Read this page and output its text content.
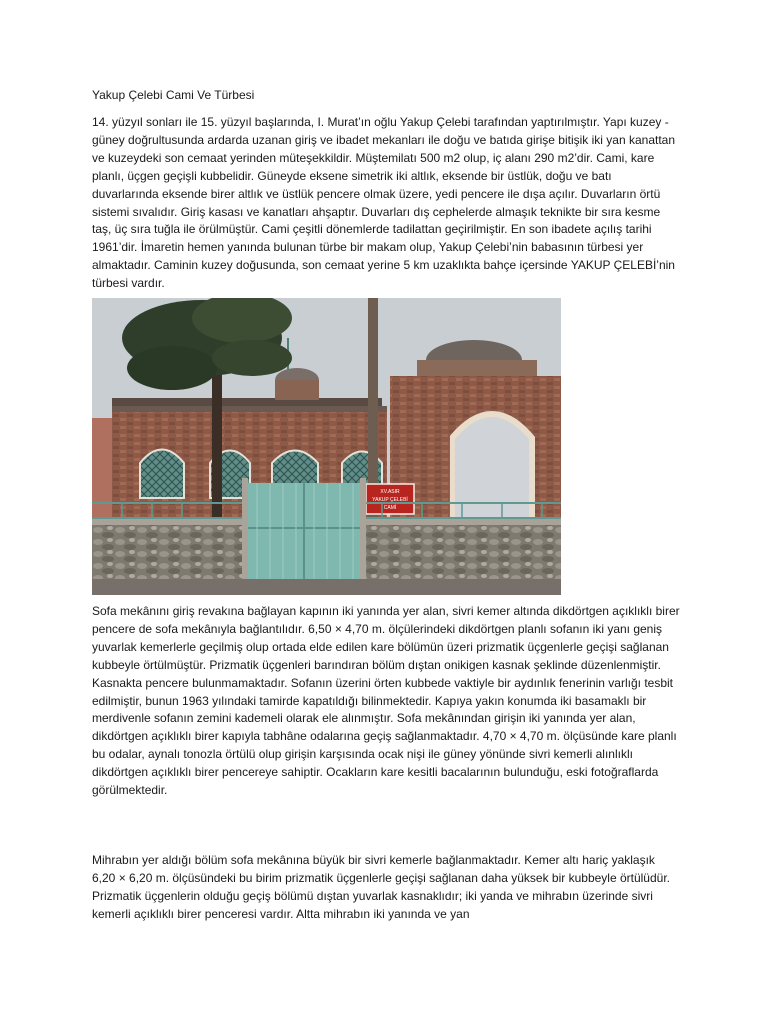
Yakup Çelebi Cami Ve Türbesi

14. yüzyıl sonları ile 15. yüzyıl başlarında, I. Murat’ın oğlu Yakup Çelebi tarafından yaptırılmıştır. Yapı kuzey - güney doğrultusunda ardarda uzanan giriş ve ibadet mekanları ile doğu ve batıda girişe bitişik iki yan kanattan ve kuzeydeki son cemaat yerinden müteşekkildir. Müştemilatı 500 m2 olup, iç alanı 290 m2’dir. Cami, kare planlı, üçgen geçişli kubbelidir. Güneyde eksene simetrik iki altlık, eksende bir üstlük, doğu ve batı duvarlarında eksende birer altlık ve üstlük pencere olmak üzere, yedi pencere ile dışa açılır. Duvarların örtü sistemi sıvalıdır. Giriş kasası ve kanatları ahşaptır. Duvarları dış cephelerde almaşık teknikte bir sıra kesme taş, üç sıra tuğla ile örülmüştür. Cami çeşitli dönemlerde tadilattan geçirilmiştir. En son ibadete açılış tarihi 1961’dir. İmaretin hemen yanında bulunan türbe bir makam olup, Yakup Çelebi’nin babasının türbesi yer almaktadır. Caminin kuzey doğusunda, son cemaat yerine 5 km uzaklıkta bahçe içersinde YAKUP ÇELEBİ’nin türbesi vardır.

XV.ASIR
YAKUP ÇELEBİ
CAMİ

Sofa mekânını giriş revakına bağlayan kapının iki yanında yer alan, sivri kemer altında dikdörtgen açıklıklı birer pencere de sofa mekânıyla bağlantılıdır. 6,50 × 4,70 m. ölçülerindeki dikdörtgen planlı sofanın iki yanı geniş yuvarlak kemerlerle geçilmiş olup ortada elde edilen kare bölümün üzeri prizmatik üçgenlerle geçişi sağlanan kubbeyle örtülmüştür. Prizmatik üçgenleri barındıran bölüm dıştan onikigen kasnak şeklinde düzenlenmiştir. Kasnakta pencere bulunmamaktadır. Sofanın üzerini örten kubbede vaktiyle bir aydınlık fenerinin varlığı tesbit edilmiştir, bunun 1963 yılındaki tamirde kapatıldığı bilinmektedir. Kapıya yakın konumda iki basamaklı bir merdivenle sofanın zemini kademeli olarak ele alınmıştır. Sofa mekânından girişin iki yanında yer alan, dikdörtgen açıklıklı birer kapıyla tabhâne odalarına geçiş sağlanmaktadır. 4,70 × 4,70 m. ölçüsünde kare planlı bu odalar, aynalı tonozla örtülü olup girişin karşısında ocak nişi ile güney yönünde sivri kemerli alınlıklı dikdörtgen açıklıklı birer pencereye sahiptir. Ocakların kare kesitli bacalarının bulunduğu, eski fotoğraflarda görülmektedir.

Mihrabın yer aldığı bölüm sofa mekânına büyük bir sivri kemerle bağlanmaktadır. Kemer altı hariç yaklaşık 6,20 × 6,20 m. ölçüsündeki bu birim prizmatik üçgenlerle geçişi sağlanan daha yüksek bir kubbeyle örtülüdür. Prizmatik üçgenlerin olduğu geçiş bölümü dıştan yuvarlak kasnaklıdır; iki yanda ve mihrabın üzerinde sivri kemerli açıklıklı birer penceresi vardır. Altta mihrabın iki yanında ve yan
